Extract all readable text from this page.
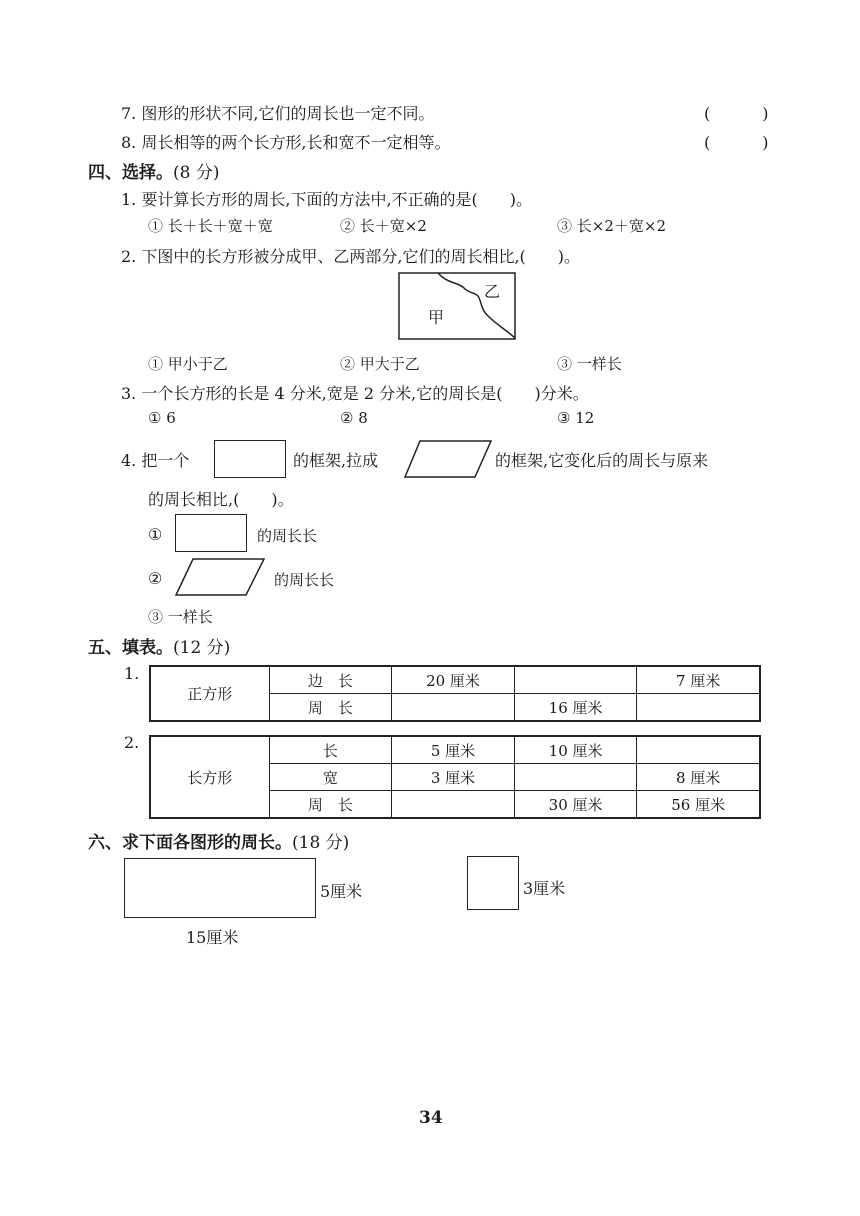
7. 图形的形状不同,它们的周长也一定不同。	(　)
8. 周长相等的两个长方形,长和宽不一定相等。	(　)
四、选择。(8 分)
1. 要计算长方形的周长,下面的方法中,不正确的是(　　)。
① 长＋长＋宽＋宽	② 长＋宽×2	③ 长×2＋宽×2
2. 下图中的长方形被分成甲、乙两部分,它们的周长相比,(　　)。
乙
甲
① 甲小于乙	② 甲大于乙	③ 一样长
3. 一个长方形的长是 4 分米,宽是 2 分米,它的周长是(　　)分米。
① 6	② 8	③ 12
4. 把一个	的框架,拉成	的框架,它变化后的周长与原来
的周长相比,(　　)。
①	的周长长
②	的周长长
③ 一样长
五、填表。(12 分)
1.
正方形	边　长	20 厘米		7 厘米
	周　长		16 厘米	
2.
长方形	长	5 厘米	10 厘米	
	宽	3 厘米		8 厘米
	周　长		30 厘米	56 厘米
六、求下面各图形的周长。(18 分)
5厘米
15厘米
3厘米
34
